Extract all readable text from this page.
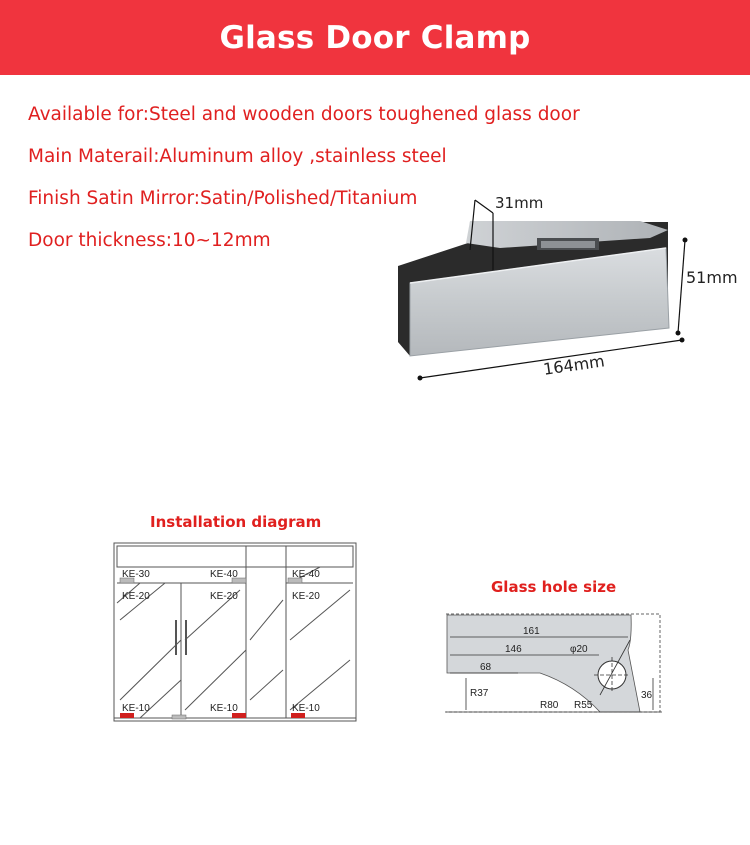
Glass Door Clamp

Available for:Steel and wooden doors toughened glass door

Main Materail:Aluminum alloy ,stainless steel

Finish Satin Mirror:Satin/Polished/Titanium

Door thickness:10~12mm

31mm
51mm
164mm
Installation diagram
Glass hole size
KE-30	KE-40	KE-40
KE-20	KE-20	KE-20
KE-10	KE-10	KE-10
161
146
68
φ20
R37
R80 R55
36
